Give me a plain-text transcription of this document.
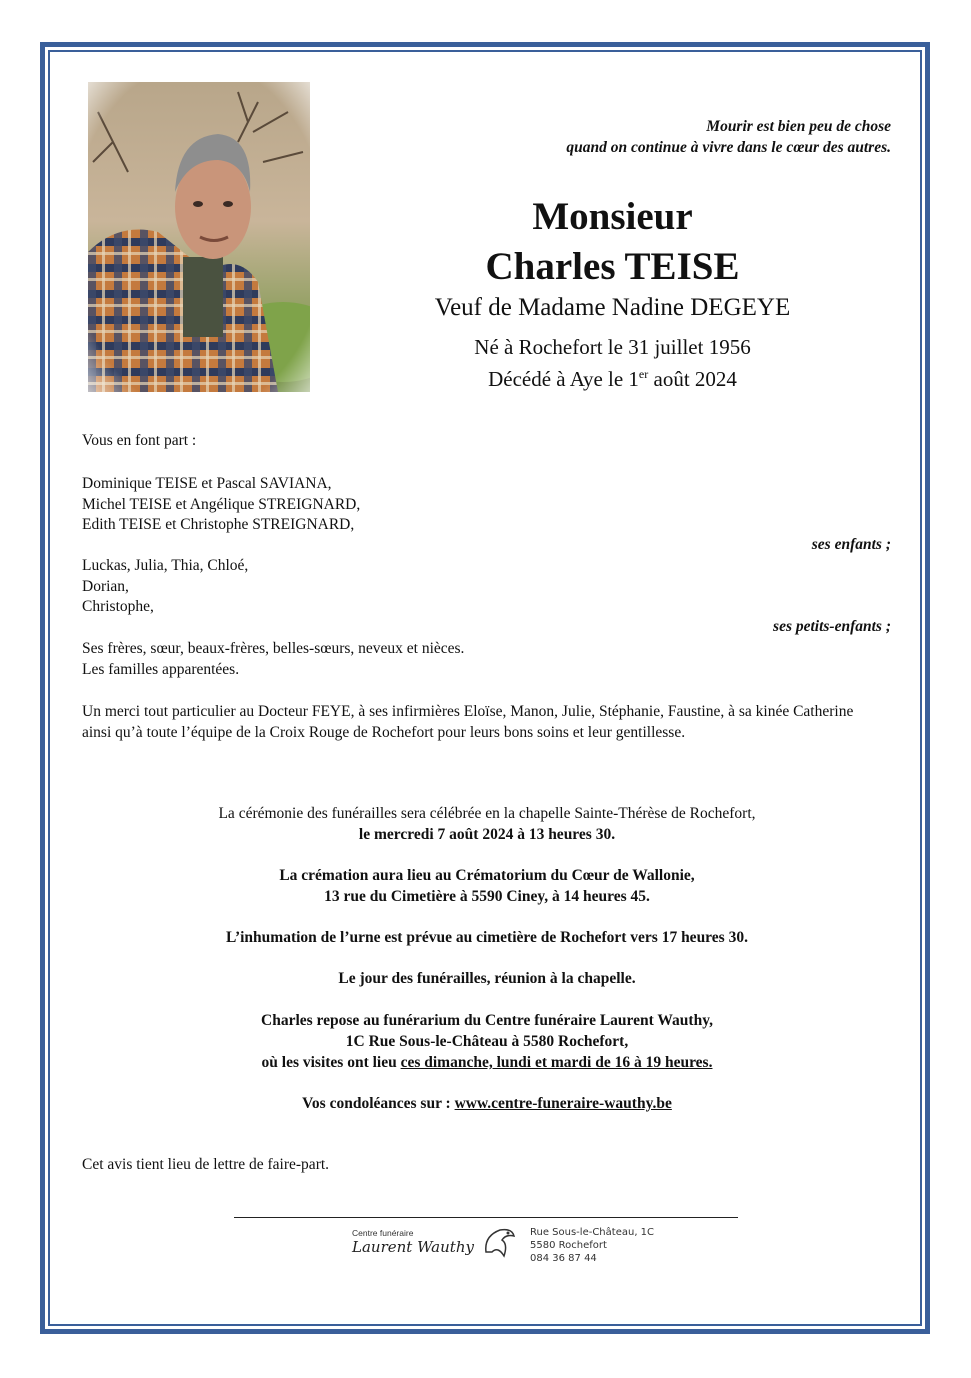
Mourir est bien peu de chose
quand on continue à vivre dans le cœur des autres.
Monsieur
Charles TEISE
Veuf de Madame Nadine DEGEYE
Né à Rochefort le 31 juillet 1956
Décédé à Aye le 1er août 2024
Vous en font part :
Dominique TEISE et Pascal SAVIANA,
Michel TEISE et Angélique STREIGNARD,
Edith TEISE et Christophe STREIGNARD,
ses enfants ;
Luckas, Julia, Thia, Chloé,
Dorian,
Christophe,
ses petits-enfants ;
Ses frères, sœur, beaux-frères, belles-sœurs, neveux et nièces.
Les familles apparentées.
Un merci tout particulier au Docteur FEYE, à ses infirmières Eloïse, Manon, Julie, Stéphanie, Faustine, à sa kinée Catherine ainsi qu’à toute l’équipe de la Croix Rouge de Rochefort pour leurs bons soins et leur gentillesse.
La cérémonie des funérailles sera célébrée en la chapelle Sainte-Thérèse de Rochefort,
le mercredi 7 août 2024 à 13 heures 30.
La crémation aura lieu au Crématorium du Cœur de Wallonie,
13 rue du Cimetière à 5590 Ciney, à 14 heures 45.
L’inhumation de l’urne est prévue au cimetière de Rochefort vers 17 heures 30.
Le jour des funérailles, réunion à la chapelle.
Charles repose au funérarium du Centre funéraire Laurent Wauthy,
1C Rue Sous-le-Château à 5580 Rochefort,
où les visites ont lieu ces dimanche, lundi et mardi de 16 à 19 heures.
Vos condoléances sur : www.centre-funeraire-wauthy.be
Cet avis tient lieu de lettre de faire-part.
Centre funéraire
Laurent Wauthy
Rue Sous-le-Château, 1C
5580 Rochefort
084 36 87 44
